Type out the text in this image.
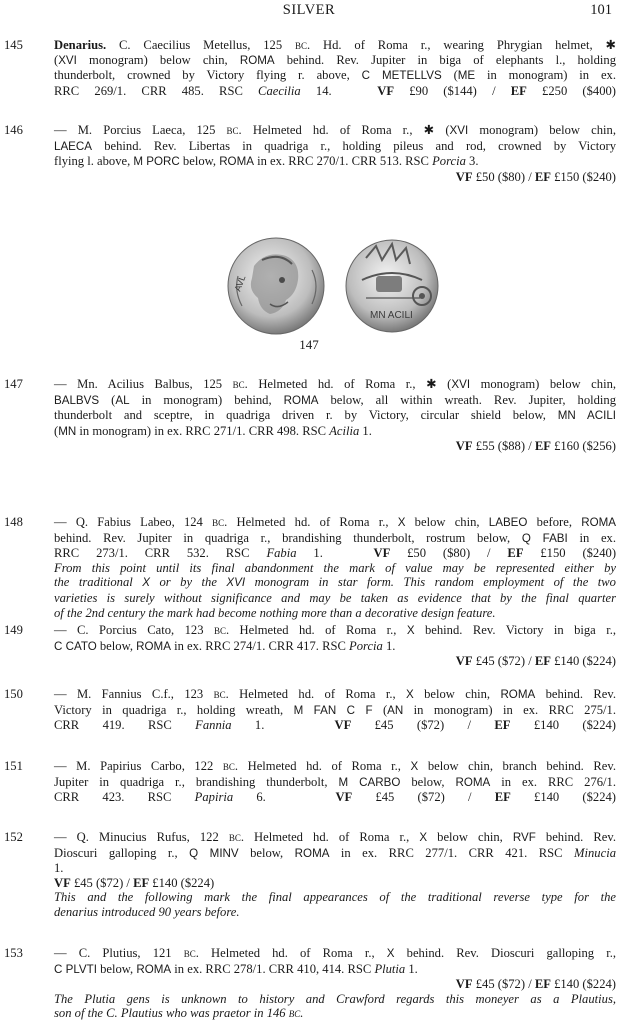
SILVER	101
145 Denarius. C. Caecilius Metellus, 125 bc. Hd. of Roma r., wearing Phrygian helmet, ✱
(XVI monogram) below chin, ROMA behind. Rev. Jupiter in biga of elephants l., holding
thunderbolt, crowned by Victory flying r. above, C METELLVS (ME in monogram) in ex.
RRC 269/1. CRR 485. RSC Caecilia 14.   VF £90 ($144) / EF £250 ($400)
146 — M. Porcius Laeca, 125 bc. Helmeted hd. of Roma r., ✱ (XVI monogram) below chin,
LAECA behind. Rev. Libertas in quadriga r., holding pileus and rod, crowned by Victory
flying l. above, M PORC below, ROMA in ex. RRC 270/1. CRR 513. RSC Porcia 3.
VF £50 ($80) / EF £150 ($240)
AVL
MN ACILI
147
147 — Mn. Acilius Balbus, 125 bc. Helmeted hd. of Roma r., ✱ (XVI monogram) below chin,
BALBVS (AL in monogram) behind, ROMA below, all within wreath. Rev. Jupiter, holding
thunderbolt and sceptre, in quadriga driven r. by Victory, circular shield below, MN ACILI
(MN in monogram) in ex. RRC 271/1. CRR 498. RSC Acilia 1.
VF £55 ($88) / EF £160 ($256)
148 — Q. Fabius Labeo, 124 bc. Helmeted hd. of Roma r., X below chin, LABEO before, ROMA
behind. Rev. Jupiter in quadriga r., brandishing thunderbolt, rostrum below, Q FABI in ex.
RRC 273/1. CRR 532. RSC Fabia 1.   VF £50 ($80) / EF £150 ($240)
From this point until its final abandonment the mark of value may be represented either by
the traditional X or by the XVI monogram in star form. This random employment of the two
varieties is surely without significance and may be taken as evidence that by the final quarter
of the 2nd century the mark had become nothing more than a decorative design feature.
149 — C. Porcius Cato, 123 bc. Helmeted hd. of Roma r., X behind. Rev. Victory in biga r.,
C CATO below, ROMA in ex. RRC 274/1. CRR 417. RSC Porcia 1.
VF £45 ($72) / EF £140 ($224)
150 — M. Fannius C.f., 123 bc. Helmeted hd. of Roma r., X below chin, ROMA behind. Rev.
Victory in quadriga r., holding wreath, M FAN C F (AN in monogram) in ex. RRC 275/1.
CRR 419. RSC Fannia 1.   VF £45 ($72) / EF £140 ($224)
151 — M. Papirius Carbo, 122 bc. Helmeted hd. of Roma r., X below chin, branch behind. Rev.
Jupiter in quadriga r., brandishing thunderbolt, M CARBO below, ROMA in ex. RRC 276/1.
CRR 423. RSC Papiria 6.   VF £45 ($72) / EF £140 ($224)
152 — Q. Minucius Rufus, 122 bc. Helmeted hd. of Roma r., X below chin, RVF behind. Rev.
Dioscuri galloping r., Q MINV below, ROMA in ex. RRC 277/1. CRR 421. RSC Minucia
1.
VF £45 ($72) / EF £140 ($224)
This and the following mark the final appearances of the traditional reverse type for the
denarius introduced 90 years before.
153 — C. Plutius, 121 bc. Helmeted hd. of Roma r., X behind. Rev. Dioscuri galloping r.,
C PLVTI below, ROMA in ex. RRC 278/1. CRR 410, 414. RSC Plutia 1.
VF £45 ($72) / EF £140 ($224)
The Plutia gens is unknown to history and Crawford regards this moneyer as a Plautius,
son of the C. Plautius who was praetor in 146 bc.
